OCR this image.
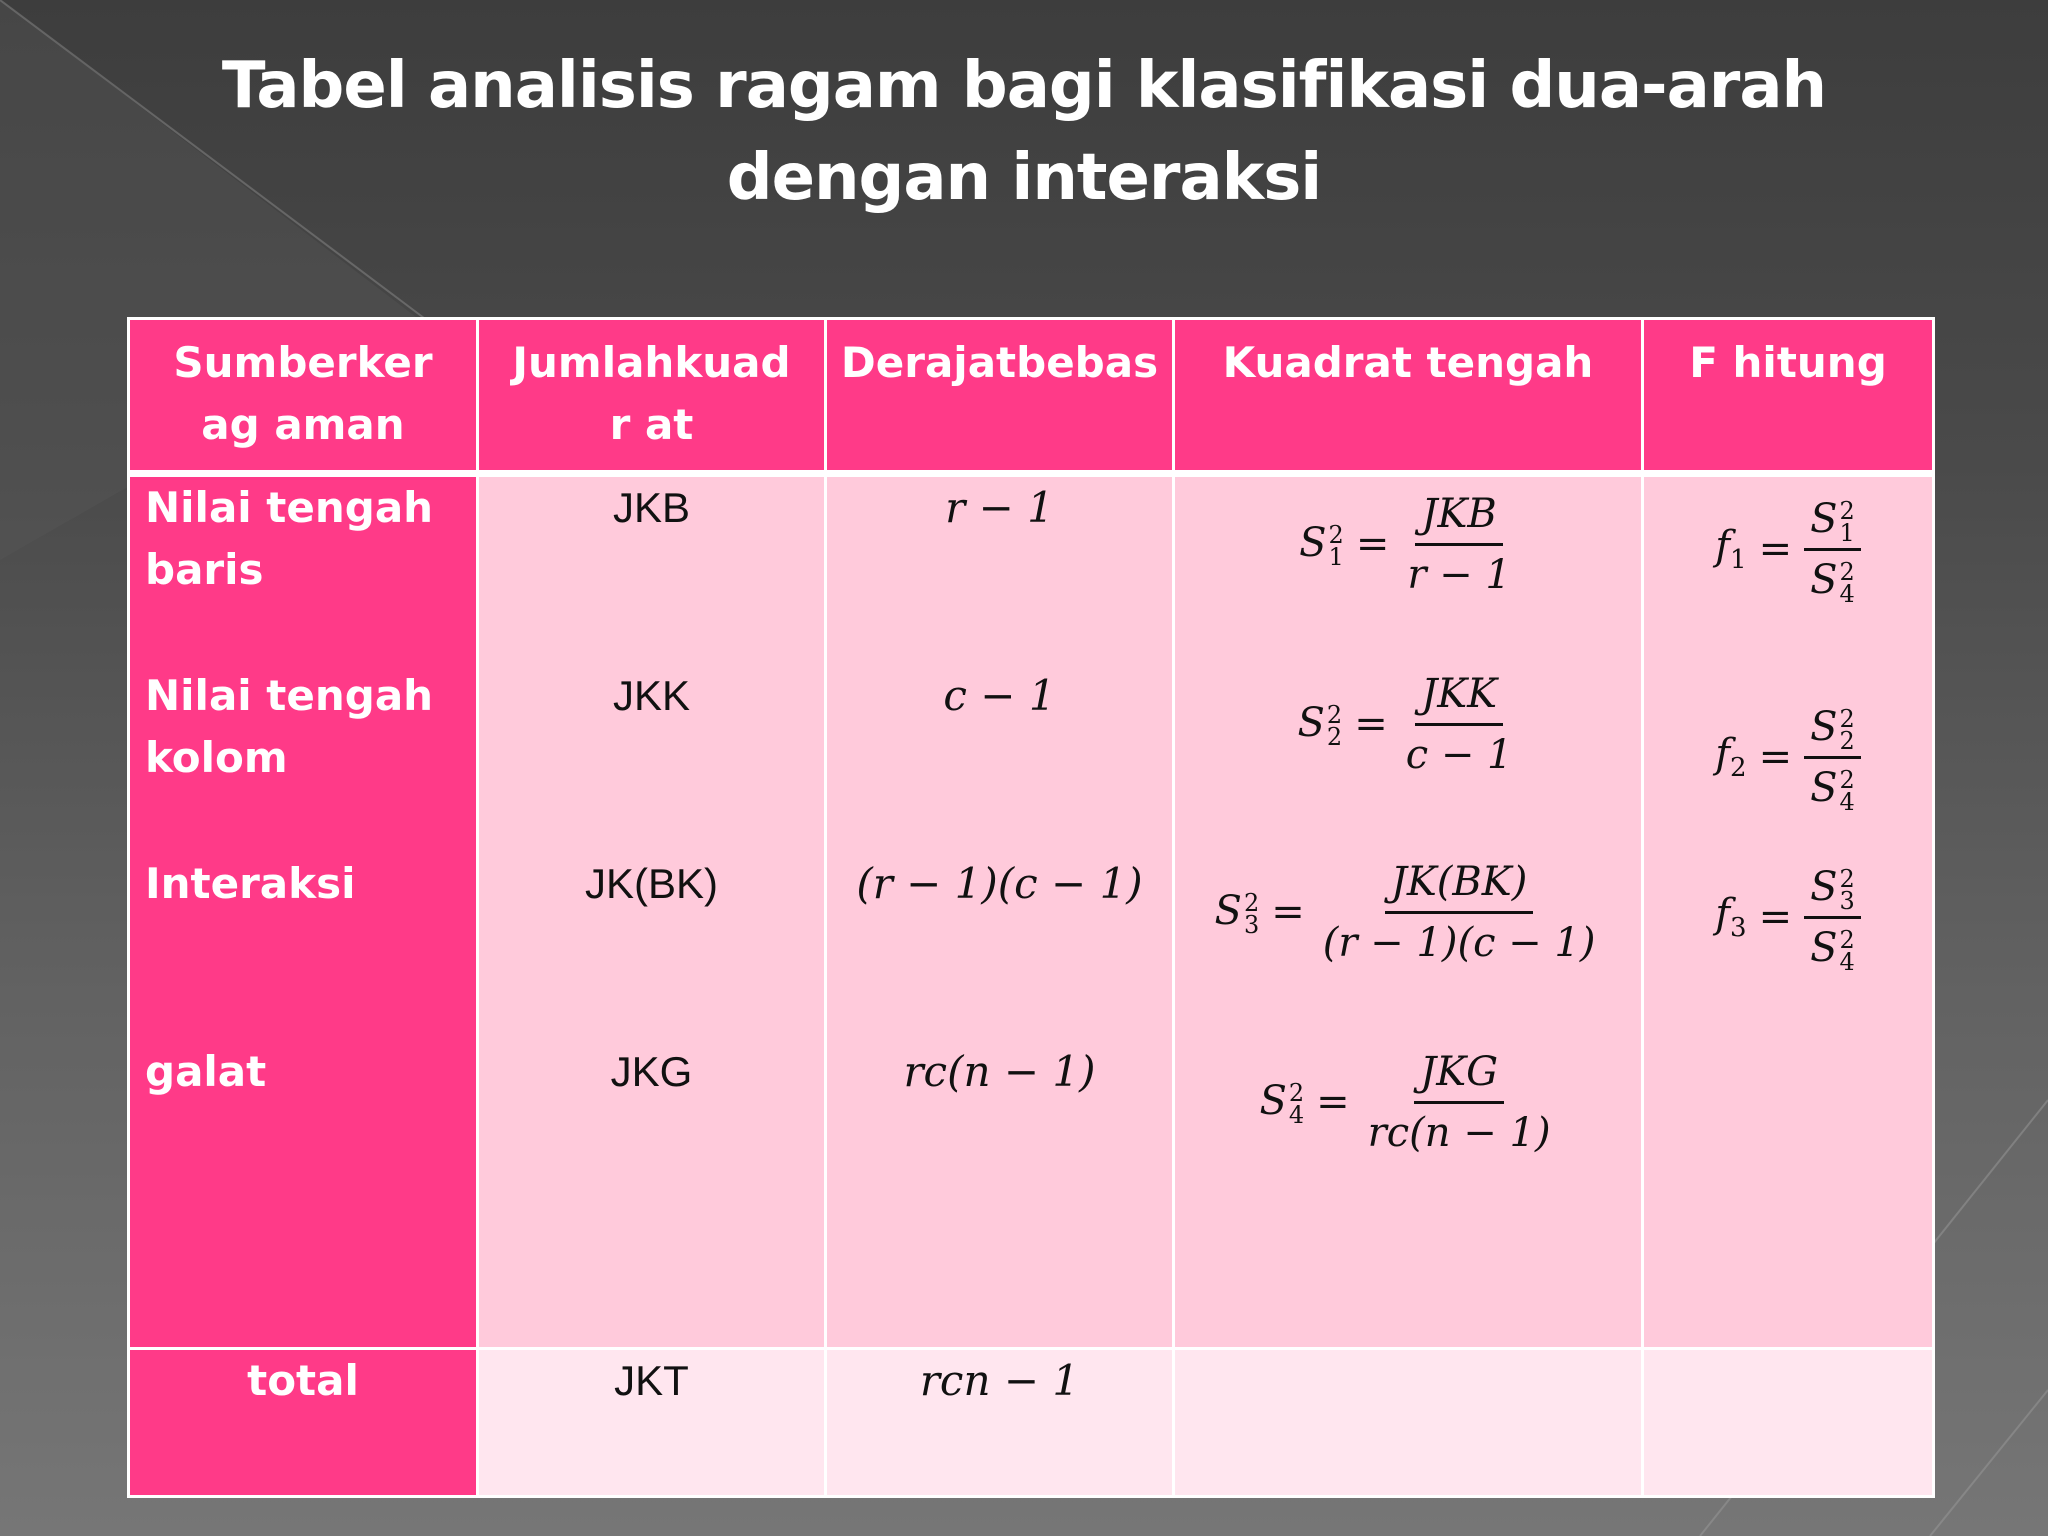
Tabel analisis ragam bagi klasifikasi dua-arah
dengan interaksi
Sumberkerag aman
Jumlahkuadr at
Derajatbebas	Kuadrat tengah	F hitung
Nilai tengah baris
Nilai tengah kolom
Interaksi
galat
total
JKB
JKK
JK(BK)
JKG
JKT
r − 1
c − 1
(r − 1)(c − 1)
rc(n − 1)
rcn − 1
S 2
$1 = \frac{\text{JKB}}{r - 1}$
S 2
$2 = \frac{\text{JKK}}{c - 1}$
S 2
$3 = \frac{JK(BK)}{(r - 1)(c - 1)}$
S 2
$4 = \frac{\text{JKG}}{rc(n - 1)}$
$f_1 = S$ 2
1
S 2
4
$f_2 = S$ 2
2
S 2
4
$f_3 = S$ 2
3
S 2
4
